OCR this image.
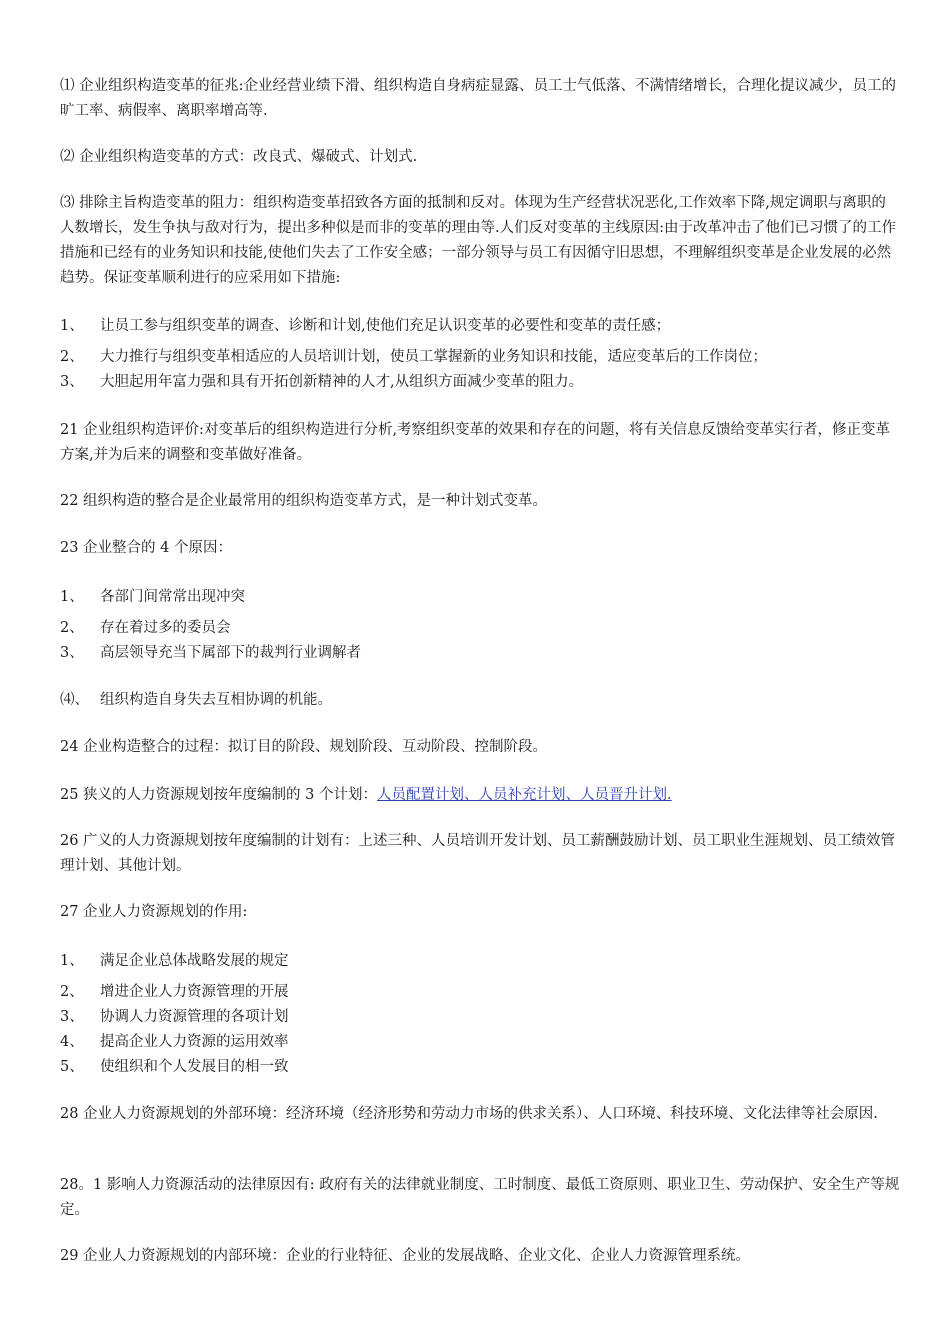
⑴ 企业组织构造变革的征兆:企业经营业绩下滑、组织构造自身病症显露、员工士气低落、不满情绪增长，合理化提议减少，员工的旷工率、病假率、离职率增高等.

⑵ 企业组织构造变革的方式：改良式、爆破式、计划式.

⑶ 排除主旨构造变革的阻力：组织构造变革招致各方面的抵制和反对。体现为生产经营状况恶化,工作效率下降,规定调职与离职的人数增长，发生争执与敌对行为，提出多种似是而非的变革的理由等.人们反对变革的主线原因:由于改革冲击了他们已习惯了的工作措施和已经有的业务知识和技能,使他们失去了工作安全感；一部分领导与员工有因循守旧思想，不理解组织变革是企业发展的必然趋势。保证变革顺利进行的应采用如下措施:

1、 让员工参与组织变革的调查、诊断和计划,使他们充足认识变革的必要性和变革的责任感；
2、 大力推行与组织变革相适应的人员培训计划，使员工掌握新的业务知识和技能，适应变革后的工作岗位；
3、 大胆起用年富力强和具有开拓创新精神的人才,从组织方面减少变革的阻力。

21 企业组织构造评价:对变革后的组织构造进行分析,考察组织变革的效果和存在的问题，将有关信息反馈给变革实行者，修正变革方案,并为后来的调整和变革做好准备。

22 组织构造的整合是企业最常用的组织构造变革方式，是一种计划式变革。

23 企业整合的 4 个原因：

1、 各部门间常常出现冲突
2、 存在着过多的委员会
3、 高层领导充当下属部下的裁判行业调解者
⑷、 组织构造自身失去互相协调的机能。

24 企业构造整合的过程：拟订目的阶段、规划阶段、互动阶段、控制阶段。

25 狭义的人力资源规划按年度编制的 3 个计划：人员配置计划、人员补充计划、人员晋升计划.

26 广义的人力资源规划按年度编制的计划有：上述三种、人员培训开发计划、员工薪酬鼓励计划、员工职业生涯规划、员工绩效管理计划、其他计划。

27 企业人力资源规划的作用:

1、 满足企业总体战略发展的规定
2、 增进企业人力资源管理的开展
3、 协调人力资源管理的各项计划
4、 提高企业人力资源的运用效率
5、 使组织和个人发展目的相一致

28 企业人力资源规划的外部环境：经济环境（经济形势和劳动力市场的供求关系）、人口环境、科技环境、文化法律等社会原因.

28。1 影响人力资源活动的法律原因有: 政府有关的法律就业制度、工时制度、最低工资原则、职业卫生、劳动保护、安全生产等规定。

29 企业人力资源规划的内部环境：企业的行业特征、企业的发展战略、企业文化、企业人力资源管理系统。
